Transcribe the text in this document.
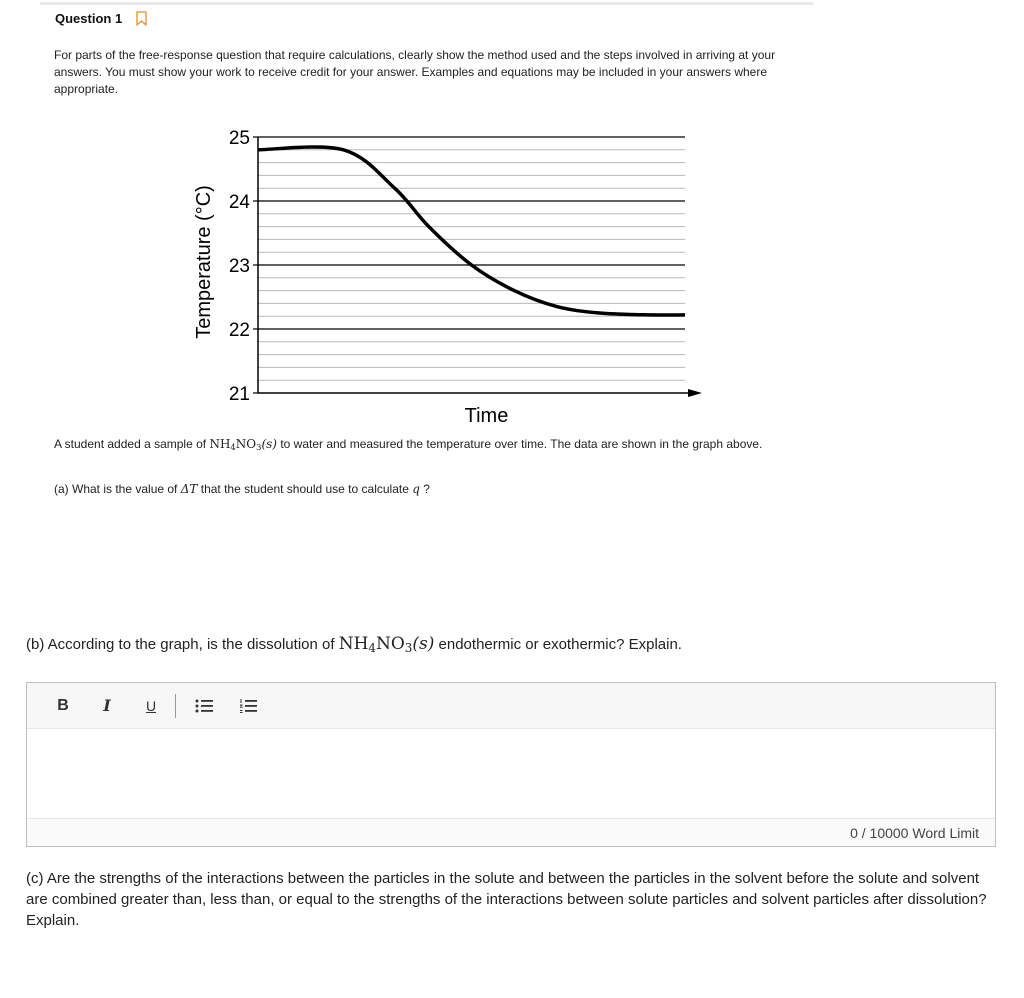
Question 1
For parts of the free-response question that require calculations, clearly show the method used and the steps involved in arriving at your answers. You must show your work to receive credit for your answer. Examples and equations may be included in your answers where appropriate.
21
22
23
24
25
Time
Temperature (°C)
A student added a sample of $NH_4NO_3(s)$ to water and measured the temperature over time. The data are shown in the graph above.
(a) What is the value of ΔT that the student should use to calculate q ?
(b) According to the graph, is the dissolution of $NH_4NO_3(s)$ endothermic or exothermic? Explain.
B	I	U
0 / 10000 Word Limit
(c) Are the strengths of the interactions between the particles in the solute and between the particles in the solvent before the solute and solvent are combined greater than, less than, or equal to the strengths of the interactions between solute particles and solvent particles after dissolution? Explain.
